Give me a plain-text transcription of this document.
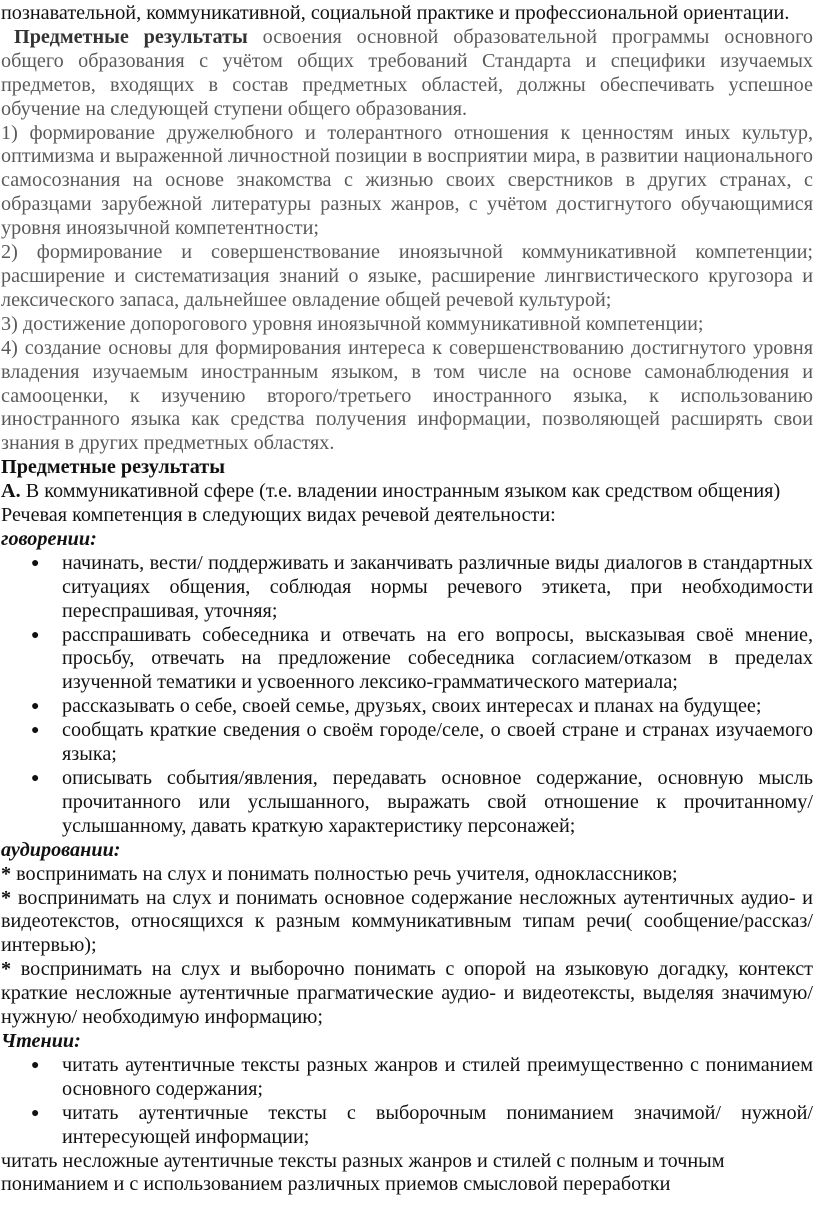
познавательной, коммуникативной, социальной практике и профессиональной ориентации.

Предметные результаты освоения основной образовательной программы основного общего образования с учётом общих требований Стандарта и специфики изучаемых предметов, входящих в состав предметных областей, должны обеспечивать успешное обучение на следующей ступени общего образования.

1) формирование дружелюбного и толерантного отношения к ценностям иных культур, оптимизма и выраженной личностной позиции в восприятии мира, в развитии национального самосознания на основе знакомства с жизнью своих сверстников в других странах, с образцами зарубежной литературы разных жанров, с учётом достигнутого обучающимися уровня иноязычной компетентности;

2) формирование и совершенствование иноязычной коммуникативной компетенции; расширение и систематизация знаний о языке, расширение лингвистического кругозора и лексического запаса, дальнейшее овладение общей речевой культурой;

3) достижение допорогового уровня иноязычной коммуникативной компетенции;

4) создание основы для формирования интереса к совершенствованию достигнутого уровня владения изучаемым иностранным языком, в том числе на основе самонаблюдения и самооценки, к изучению второго/третьего иностранного языка, к использованию иностранного языка как средства получения информации, позволяющей расширять свои знания в других предметных областях.

Предметные результаты

А. В коммуникативной сфере (т.е. владении иностранным языком как средством общения)

Речевая компетенция в следующих видах речевой деятельности:

говорении:

● начинать, вести/ поддерживать и заканчивать различные виды диалогов в стандартных ситуациях общения, соблюдая нормы речевого этикета, при необходимости переспрашивая, уточняя;
● расспрашивать собеседника и отвечать на его вопросы, высказывая своё мнение, просьбу, отвечать на предложение собеседника согласием/отказом в пределах изученной тематики и усвоенного лексико-грамматического материала;
● рассказывать о себе, своей семье, друзьях, своих интересах и планах на будущее;
● сообщать краткие сведения о своём городе/селе, о своей стране и странах изучаемого языка;
● описывать события/явления, передавать основное содержание, основную мысль прочитанного или услышанного, выражать свой отношение к прочитанному/услышанному, давать краткую характеристику персонажей;

аудировании:

* воспринимать на слух и понимать полностью речь учителя, одноклассников;

* воспринимать на слух и понимать основное содержание несложных аутентичных аудио- и видеотекстов, относящихся к разным коммуникативным типам речи( сообщение/рассказ/ интервью);

* воспринимать на слух и выборочно понимать с опорой на языковую догадку, контекст краткие несложные аутентичные прагматические аудио- и видеотексты, выделяя значимую/нужную/ необходимую информацию;

Чтении:

● читать аутентичные тексты разных жанров и стилей преимущественно с пониманием основного содержания;
● читать аутентичные тексты с выборочным пониманием значимой/ нужной/интересующей информации;

читать несложные аутентичные тексты разных жанров и стилей с полным и точным пониманием и с использованием различных приемов смысловой переработки
